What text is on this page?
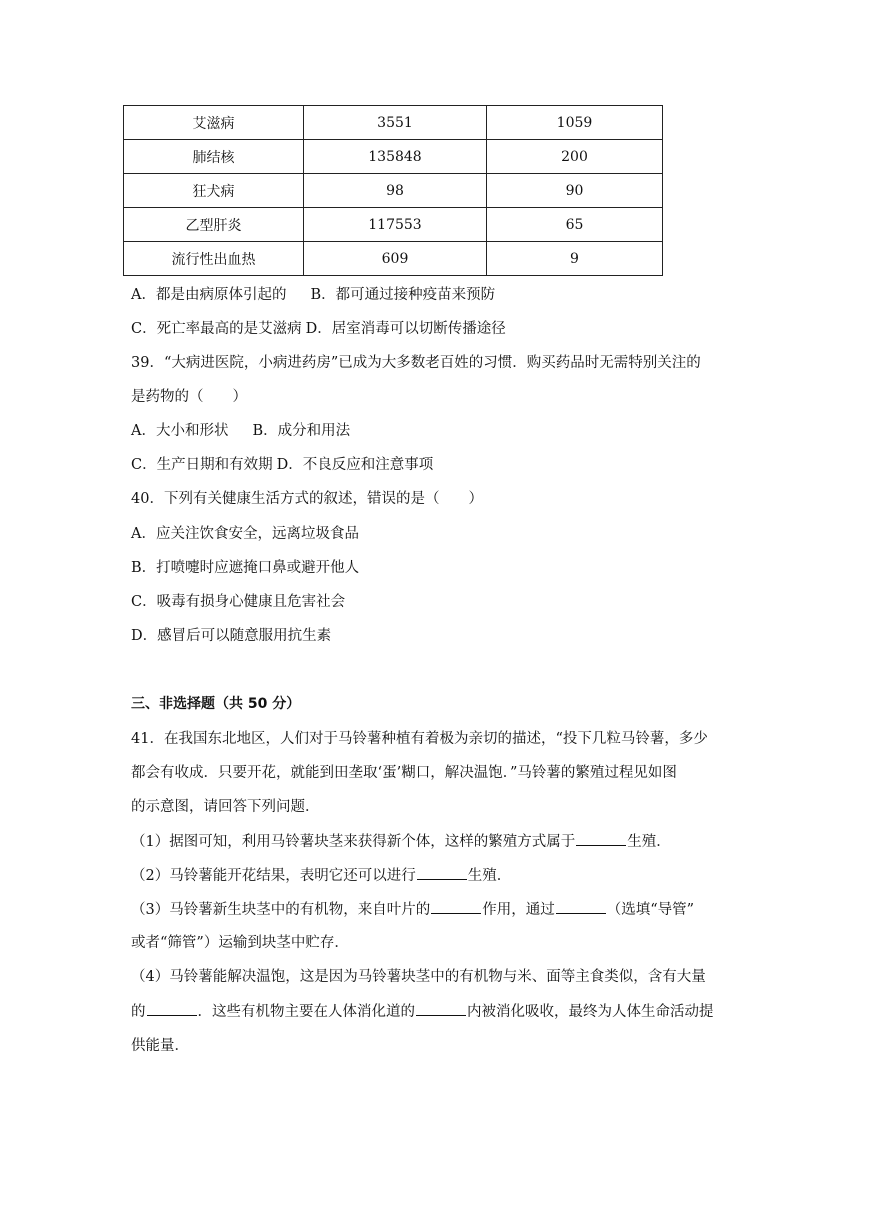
艾滋病	3551	1059
肺结核	135848	200
狂犬病	98	90
乙型肝炎	117553	65
流行性出血热	609	9
A．都是由病原体引起的 B．都可通过接种疫苗来预防
C．死亡率最高的是艾滋病 D．居室消毒可以切断传播途径
39．“大病进医院，小病进药房”已成为大多数老百姓的习惯．购买药品时无需特别关注的
是药物的（　　）
A．大小和形状 B．成分和用法
C．生产日期和有效期 D．不良反应和注意事项
40．下列有关健康生活方式的叙述，错误的是（　　）
A．应关注饮食安全，远离垃圾食品
B．打喷嚏时应遮掩口鼻或避开他人
C．吸毒有损身心健康且危害社会
D．感冒后可以随意服用抗生素
三、非选择题（共 50 分）
41．在我国东北地区，人们对于马铃薯种植有着极为亲切的描述，“投下几粒马铃薯，多少
都会有收成．只要开花，就能到田垄取‘蛋’糊口，解决温饱．”马铃薯的繁殖过程见如图
的示意图，请回答下列问题．
（1）据图可知，利用马铃薯块茎来获得新个体，这样的繁殖方式属于	生殖．
（2）马铃薯能开花结果，表明它还可以进行	生殖．
（3）马铃薯新生块茎中的有机物，来自叶片的	作用，通过	（选填“导管”
或者“筛管”）运输到块茎中贮存．
（4）马铃薯能解决温饱，这是因为马铃薯块茎中的有机物与米、面等主食类似，含有大量
的	．这些有机物主要在人体消化道的	内被消化吸收，最终为人体生命活动提
供能量．
